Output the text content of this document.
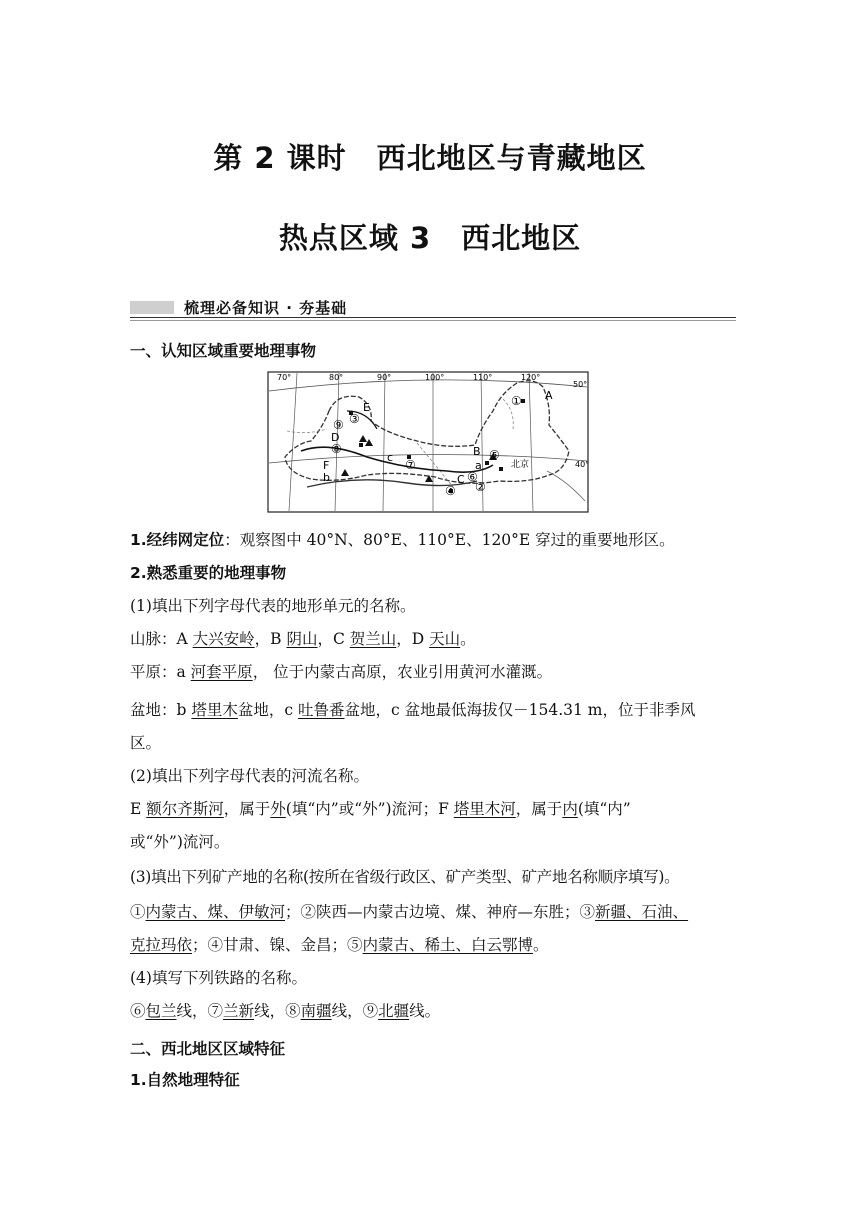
第 2 课时　西北地区与青藏地区
热点区域 3　西北地区
梳理必备知识 · 夯基础
一、认知区域重要地理事物
70°	80°	90°	100°	110°	120°
50°
40°
A
B
C
D
E
F	a
b
c
①
②
③
④
⑤
⑥
⑦
⑧
⑨
北京
1.经纬网定位：观察图中 40°N、80°E、110°E、120°E 穿过的重要地形区。
2.熟悉重要的地理事物
(1)填出下列字母代表的地形单元的名称。
山脉：A 大兴安岭，B 阴山，C 贺兰山，D 天山。
平原：a 河套平原， 位于内蒙古高原，农业引用黄河水灌溉。
盆地：b 塔里木盆地，c 吐鲁番盆地，c 盆地最低海拔仅－154.31 m，位于非季风
区。
(2)填出下列字母代表的河流名称。
E 额尔齐斯河，属于外(填“内”或“外”)流河；F 塔里木河，属于内(填“内”
或“外”)流河。
(3)填出下列矿产地的名称(按所在省级行政区、矿产类型、矿产地名称顺序填写)。
①内蒙古、煤、伊敏河；②陕西—内蒙古边境、煤、神府—东胜；③新疆、石油、
克拉玛依；④甘肃、镍、金昌；⑤内蒙古、稀土、白云鄂博。
(4)填写下列铁路的名称。
⑥包兰线，⑦兰新线，⑧南疆线，⑨北疆线。
二、西北地区区域特征
1.自然地理特征
